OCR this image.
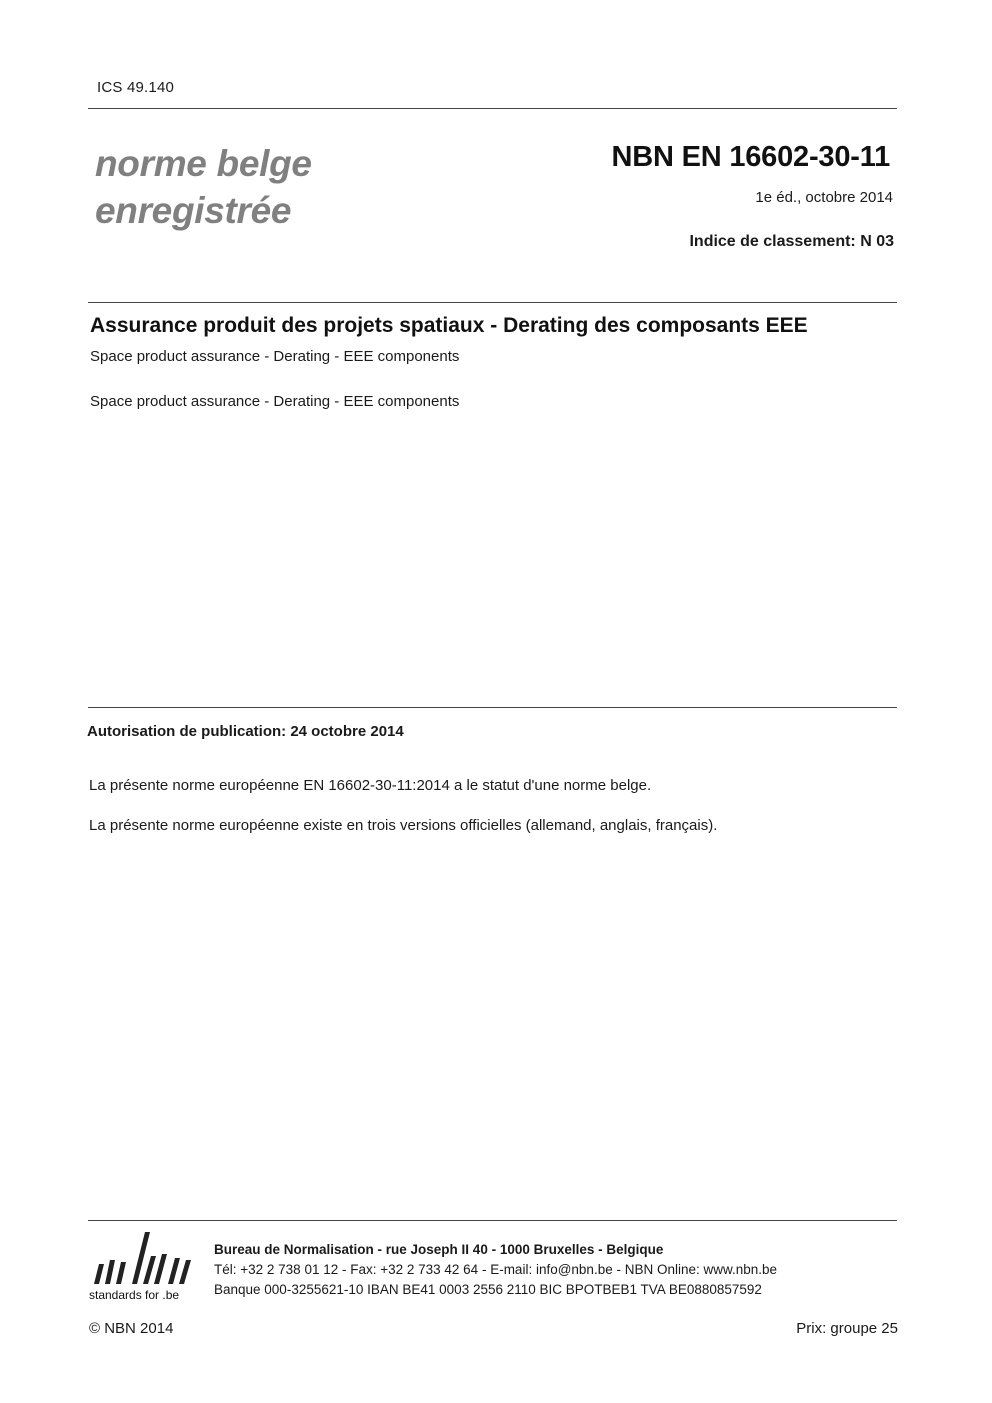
ICS 49.140
norme belge
enregistrée
NBN EN 16602-30-11
1e éd., octobre 2014
Indice de classement: N 03
Assurance produit des projets spatiaux - Derating des composants EEE
Space product assurance - Derating - EEE components
Space product assurance - Derating - EEE components
Autorisation de publication: 24 octobre 2014
La présente norme européenne EN 16602-30-11:2014 a le statut d'une norme belge.
La présente norme européenne existe en trois versions officielles (allemand, anglais, français).
standards for .be
Bureau de Normalisation - rue Joseph II 40 - 1000 Bruxelles - Belgique
Tél: +32 2 738 01 12 - Fax: +32 2 733 42 64 - E-mail: info@nbn.be - NBN Online: www.nbn.be
Banque 000-3255621-10 IBAN BE41 0003 2556 2110 BIC BPOTBEB1 TVA BE0880857592
© NBN 2014	Prix: groupe 25
